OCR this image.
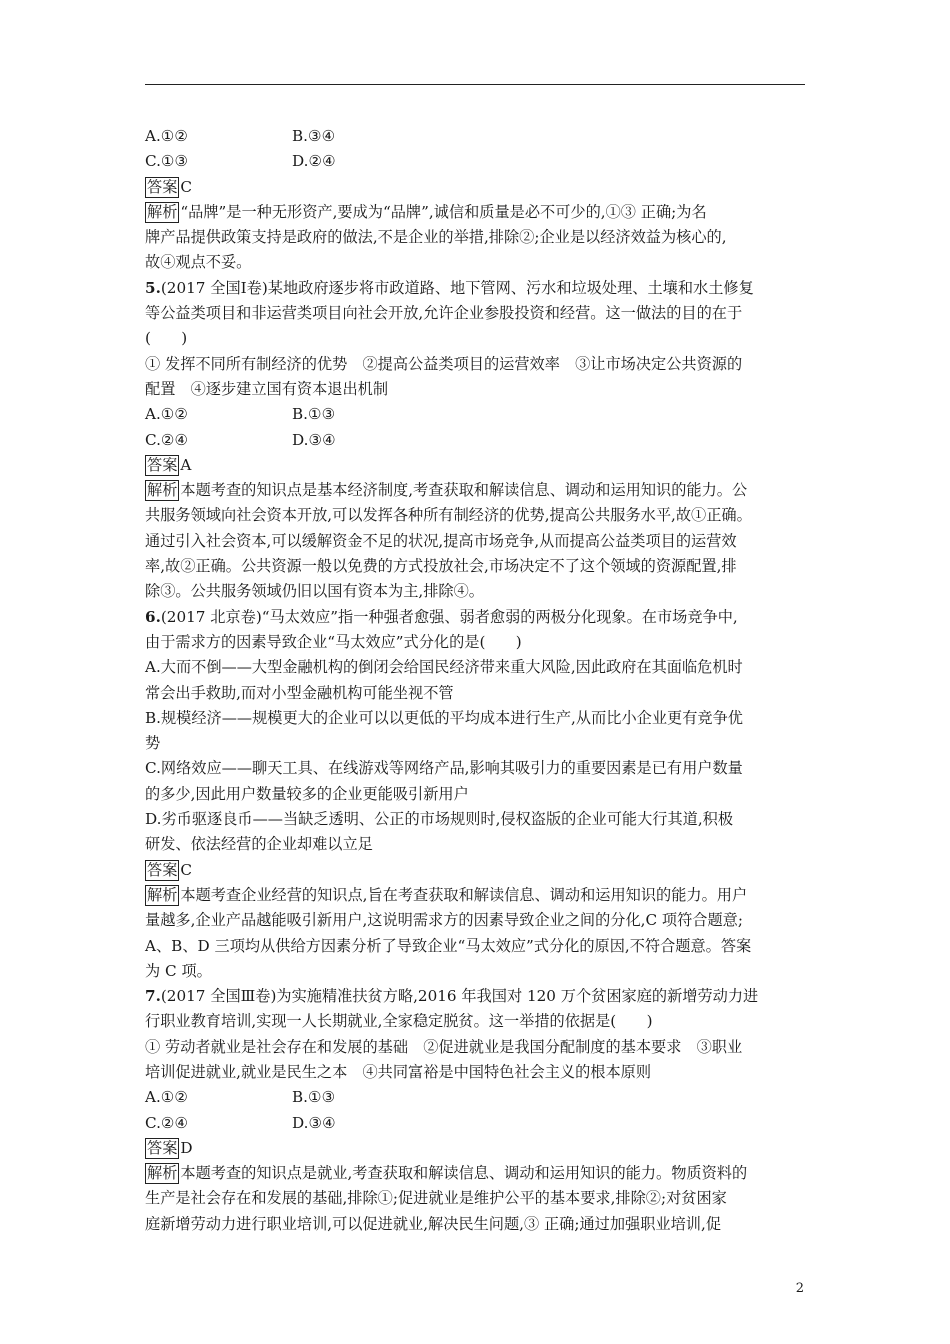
A.①②	B.③④
C.①③	D.②④
答案 C
解析 “品牌”是一种无形资产,要成为“品牌”,诚信和质量是必不可少的,①③ 正确;为名
牌产品提供政策支持是政府的做法,不是企业的举措,排除②;企业是以经济效益为核心的,
故④观点不妥。
5.(2017 全国Ⅰ卷)某地政府逐步将市政道路、地下管网、污水和垃圾处理、土壤和水土修复
等公益类项目和非运营类项目向社会开放,允许企业参股投资和经营。这一做法的目的在于
(　　)
① 发挥不同所有制经济的优势　②提高公益类项目的运营效率　③让市场决定公共资源的
配置　④逐步建立国有资本退出机制
A.①②	B.①③
C.②④	D.③④
答案 A
解析 本题考查的知识点是基本经济制度,考查获取和解读信息、调动和运用知识的能力。公
共服务领域向社会资本开放,可以发挥各种所有制经济的优势,提高公共服务水平,故①正确。
通过引入社会资本,可以缓解资金不足的状况,提高市场竞争,从而提高公益类项目的运营效
率,故②正确。公共资源一般以免费的方式投放社会,市场决定不了这个领域的资源配置,排
除③。公共服务领域仍旧以国有资本为主,排除④。
6.(2017 北京卷)“马太效应”指一种强者愈强、弱者愈弱的两极分化现象。在市场竞争中,
由于需求方的因素导致企业“马太效应”式分化的是(　　)
A.大而不倒——大型金融机构的倒闭会给国民经济带来重大风险,因此政府在其面临危机时
常会出手救助,而对小型金融机构可能坐视不管
B.规模经济——规模更大的企业可以以更低的平均成本进行生产,从而比小企业更有竞争优
势
C.网络效应——聊天工具、在线游戏等网络产品,影响其吸引力的重要因素是已有用户数量
的多少,因此用户数量较多的企业更能吸引新用户
D.劣币驱逐良币——当缺乏透明、公正的市场规则时,侵权盗版的企业可能大行其道,积极
研发、依法经营的企业却难以立足
答案 C
解析 本题考查企业经营的知识点,旨在考查获取和解读信息、调动和运用知识的能力。用户
量越多,企业产品越能吸引新用户,这说明需求方的因素导致企业之间的分化,C 项符合题意;
A、B、D 三项均从供给方因素分析了导致企业“马太效应”式分化的原因,不符合题意。答案
为 C 项。
7.(2017 全国Ⅲ卷)为实施精准扶贫方略,2016 年我国对 120 万个贫困家庭的新增劳动力进
行职业教育培训,实现一人长期就业,全家稳定脱贫。这一举措的依据是(　　)
① 劳动者就业是社会存在和发展的基础　②促进就业是我国分配制度的基本要求　③职业
培训促进就业,就业是民生之本　④共同富裕是中国特色社会主义的根本原则
A.①②	B.①③
C.②④	D.③④
答案 D
解析 本题考查的知识点是就业,考查获取和解读信息、调动和运用知识的能力。物质资料的
生产是社会存在和发展的基础,排除①;促进就业是维护公平的基本要求,排除②;对贫困家
庭新增劳动力进行职业培训,可以促进就业,解决民生问题,③ 正确;通过加强职业培训,促
2
